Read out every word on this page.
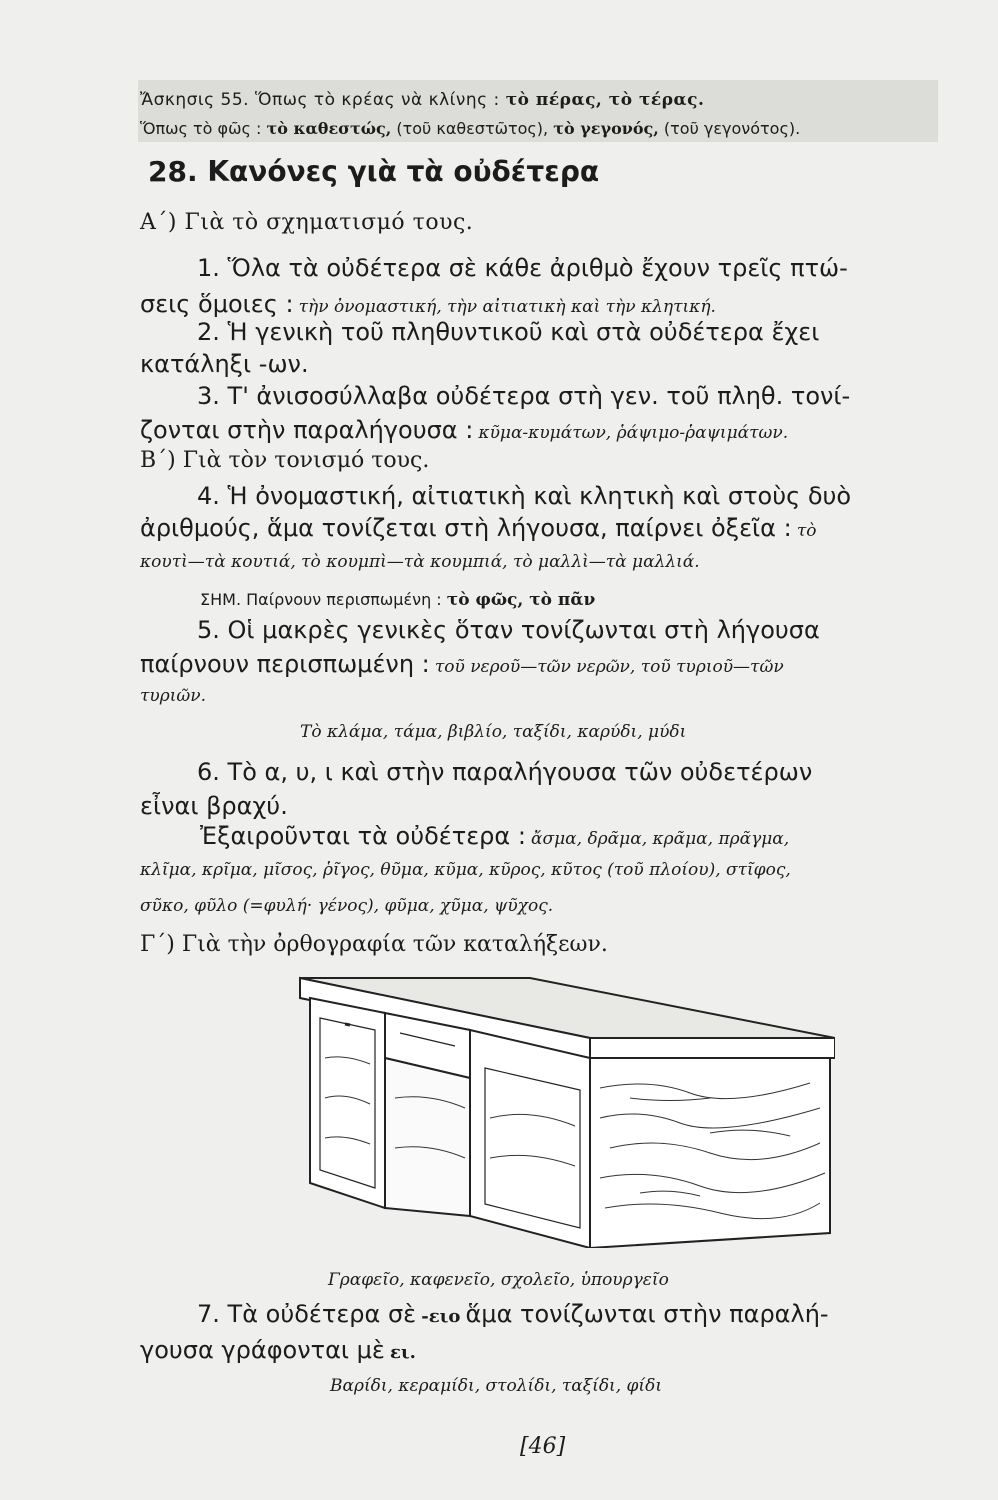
Ἄσκησις 55. Ὅπως τὸ κρέας νὰ κλίνης : τὸ πέρας, τὸ τέρας.
Ὅπως τὸ φῶς : τὸ καθεστώς, (τοῦ καθεστῶτος), τὸ γεγονός, (τοῦ γεγονότος).
28. Κανόνες γιὰ τὰ οὐδέτερα
Α΄) Γιὰ τὸ σχηματισμό τους.
1. Ὅλα τὰ οὐδέτερα σὲ κάθε ἀριθμὸ ἔχουν τρεῖς πτώ-
σεις ὅμοιες : τὴν ὀνομαστική, τὴν αἰτιατικὴ καὶ τὴν κλητική.
2. Ἡ γενικὴ τοῦ πληθυντικοῦ καὶ στὰ οὐδέτερα ἔχει
κατάληξι -ων.
3. Τ' ἀνισοσύλλαβα οὐδέτερα στὴ γεν. τοῦ πληθ. τονί-
ζονται στὴν παραλήγουσα : κῦμα-κυμάτων, ῥάψιμο-ῥαψιμάτων.
Β΄) Γιὰ τὸν τονισμό τους.
4. Ἡ ὀνομαστική, αἰτιατικὴ καὶ κλητικὴ καὶ στοὺς δυὸ
ἀριθμούς, ἅμα τονίζεται στὴ λήγουσα, παίρνει ὀξεῖα : τὸ
κουτὶ—τὰ κουτιά, τὸ κουμπὶ—τὰ κουμπιά, τὸ μαλλὶ—τὰ μαλλιά.
ΣΗΜ. Παίρνουν περισπωμένη : τὸ φῶς, τὸ πᾶν
5. Οἱ μακρὲς γενικὲς ὅταν τονίζωνται στὴ λήγουσα
παίρνουν περισπωμένη : τοῦ νεροῦ—τῶν νερῶν, τοῦ τυριοῦ—τῶν
τυριῶν.
Τὸ κλάμα, τάμα, βιβλίο, ταξίδι, καρύδι, μύδι
6. Τὸ α, υ, ι καὶ στὴν παραλήγουσα τῶν οὐδετέρων
εἶναι βραχύ.
Ἐξαιροῦνται τὰ οὐδέτερα : ἄσμα, δρᾶμα, κρᾶμα, πρᾶγμα,
κλῖμα, κρῖμα, μῖσος, ῥῖγος, θῦμα, κῦμα, κῦρος, κῦτος (τοῦ πλοίου), στῖφος,
σῦκο, φῦλο (=φυλή· γένος), φῦμα, χῦμα, ψῦχος.
Γ΄) Γιὰ τὴν ὀρθογραφία τῶν καταλήξεων.
Γραφεῖο, καφενεῖο, σχολεῖο, ὑπουργεῖο
7. Τὰ οὐδέτερα σὲ -ειο ἅμα τονίζωνται στὴν παραλή-
γουσα γράφονται μὲ ει.
Βαρίδι, κεραμίδι, στολίδι, ταξίδι, φίδι
[46]
